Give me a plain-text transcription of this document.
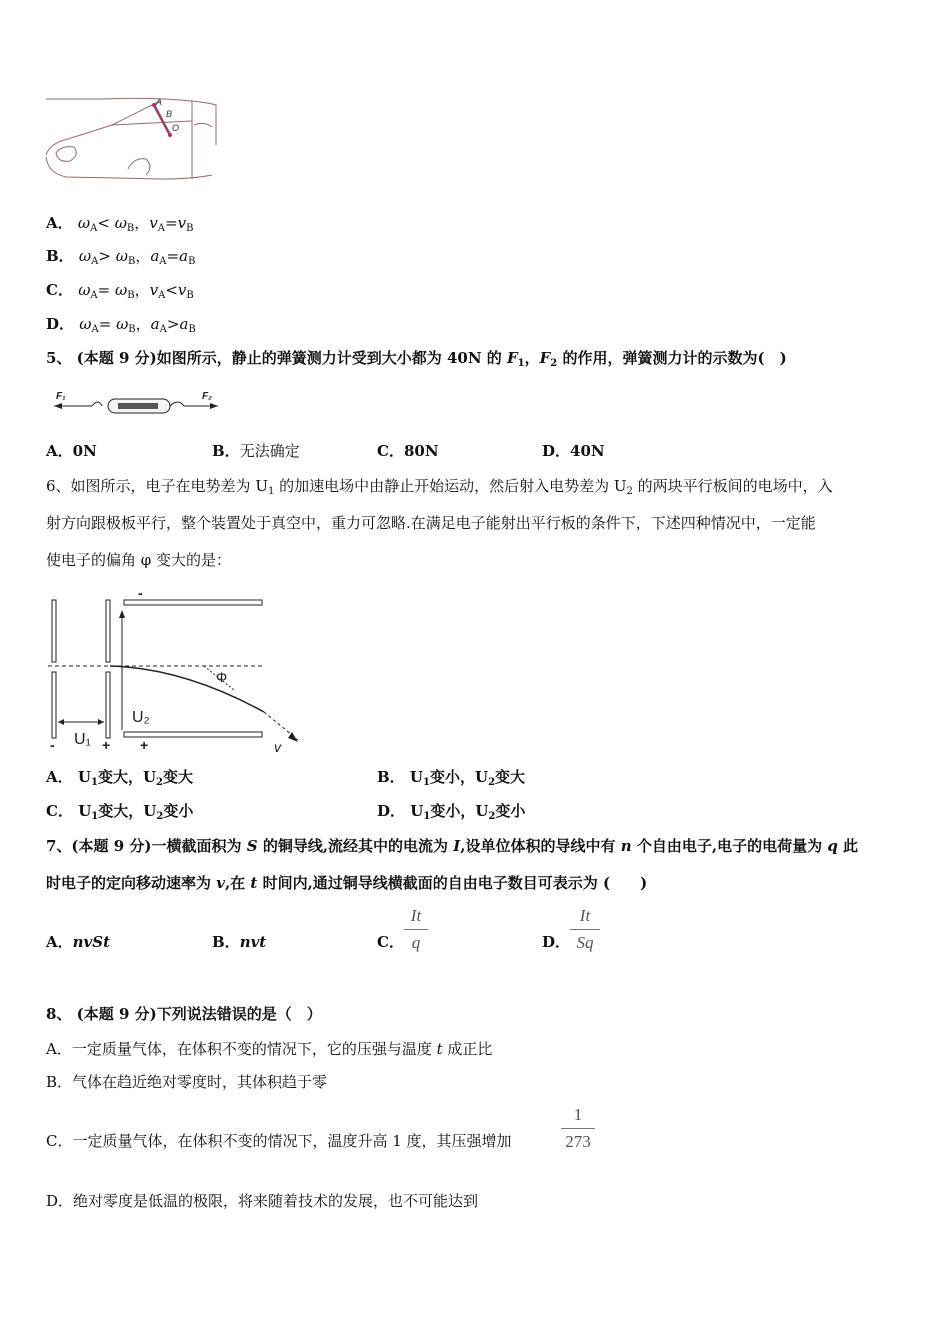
A
B
O
A． $\omega_A< \omega_B$，$v_A=v_B$
B． $\omega_A> \omega_B$，$a_A=a_B$
C． $\omega_A= \omega_B$，$v_A<v_B$
D． $\omega_A= \omega_B$，$a_A>a_B$
5、 (本题 9 分)如图所示，静止的弹簧测力计受到大小都为 40N 的 $F_1$，$F_2$ 的作用，弹簧测力计的示数为(　)
F₁	F₂
A．0N	B．无法确定	C．80N	D．40N
6、如图所示，电子在电势差为 $U_1$ 的加速电场中由静止开始运动，然后射入电势差为 $U_2$ 的两块平行板间的电场中，入
射方向跟极板平行，整个装置处于真空中，重力可忽略.在满足电子能射出平行板的条件下，下述四种情况中，一定能
使电子的偏角 φ 变大的是：
-
Φ
U₂
U₁
-	+ +	v
A． $U_1$变大，$U_2$变大	B． $U_1$变小，$U_2$变大
C． $U_1$变大，$U_2$变小	D． $U_1$变小，$U_2$变小
7、(本题 9 分)一横截面积为 S 的铜导线,流经其中的电流为 I,设单位体积的导线中有 n 个自由电子,电子的电荷量为 q 此
时电子的定向移动速率为 v,在 t 时间内,通过铜导线横截面的自由电子数目可表示为 (　　)
A．nvSt	B．nvt	C．
It
q	D．
It
Sq
8、 (本题 9 分)下列说法错误的是（　）
A．一定质量气体，在体积不变的情况下，它的压强与温度 t 成正比
B．气体在趋近绝对零度时，其体积趋于零
C．一定质量气体，在体积不变的情况下，温度升高 1 度，其压强增加
1
273
D．绝对零度是低温的极限，将来随着技术的发展，也不可能达到
